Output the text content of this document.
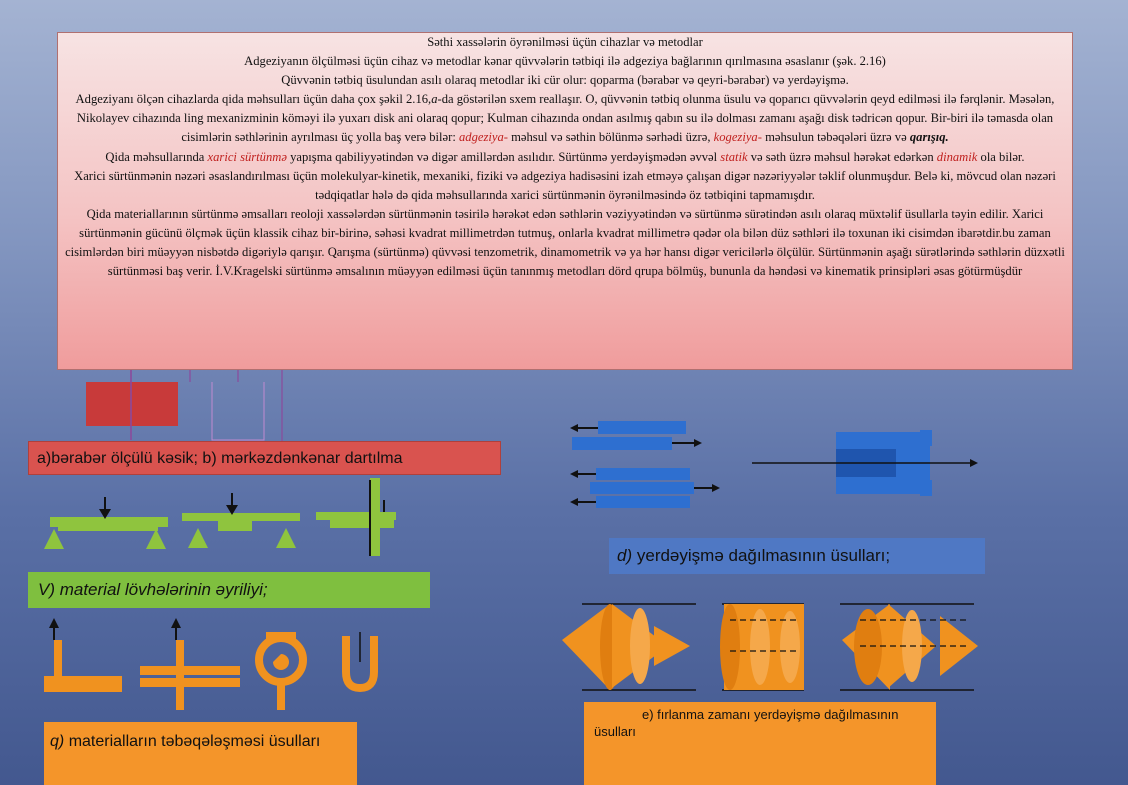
Səthi xassələrin öyrənilməsi üçün cihazlar və metodlar

Adgeziyanın ölçülməsi üçün cihaz və metodlar kənar qüvvələrin tətbiqi ilə adgeziya bağlarının qırılmasına əsaslanır (şək. 2.16)

Qüvvənin tətbiq üsulundan asılı olaraq metodlar iki cür olur: qoparma (bərabər və qeyri-bərabər) və yerdəyişmə.

Adgeziyanı ölçən cihazlarda qida məhsulları üçün daha çox şəkil 2.16,a-da göstərilən sxem reallaşır. O, qüvvənin tətbiq olunma üsulu və qoparıcı qüvvələrin qeyd edilməsi ilə fərqlənir. Məsələn, Nikolayev cihazında ling mexanizminin köməyi ilə yuxarı disk ani olaraq qopur; Kulman cihazında ondan asılmış qabın su ilə dolması zamanı aşağı disk tədricən qopur. Bir-biri ilə təmasda olan cisimlərin səthlərinin ayrılması üç yolla baş verə bilər: adgeziya- məhsul və səthin bölünmə sərhədi üzrə, kogeziya- məhsulun təbəqələri üzrə və qarışıq.

Qida məhsullarında xarici sürtünmə yapışma qabiliyyətindən və digər amillərdən asılıdır. Sürtünmə yerdəyişmədən əvvəl statik və səth üzrə məhsul hərəkət edərkən dinamik ola bilər.

Xarici sürtünmənin nəzəri əsaslandırılması üçün molekulyar-kinetik, mexaniki, fiziki və adgeziya hadisəsini izah etməyə çalışan digər nəzəriyyələr təklif olunmuşdur. Belə ki, mövcud olan nəzəri tədqiqatlar hələ də qida məhsullarında xarici sürtünmənin öyrənilməsində öz tətbiqini tapmamışdır.

Qida materiallarının sürtünmə əmsalları reoloji xassələrdən sürtünmənin təsirilə hərəkət edən səthlərin vəziyyətindən və sürtünmə sürətindən asılı olaraq müxtəlif üsullarla təyin edilir. Xarici sürtünmənin gücünü ölçmək üçün klassik cihaz bir-birinə, səhəsi kvadrat millimetrdən tutmuş, onlarla kvadrat millimetrə qədər ola bilən düz səthləri ilə toxunan iki cisimdən ibarətdir.bu zaman cisimlərdən biri müəyyən nisbətdə digəriylə qarışır. Qarışma (sürtünmə) qüvvəsi tenzometrik, dinamometrik və ya hər hansı digər vericilərlə ölçülür. Sürtünmənin aşağı sürətlərində səthlərin düzxətli sürtünməsi baş verir. İ.V.Kragelski sürtünmə əmsalının müəyyən edilməsi üçün tanınmış metodları dörd qrupa bölmüş, bununla da həndəsi və kinematik prinsipləri əsas götürmüşdür

a)bərabər ölçülü kəsik; b) mərkəzdənkənar dartılma
V) material lövhələrinin əyriliyi;
d) yerdəyişmə dağılmasının üsulları;
q) materialların təbəqələşməsi üsulları
e) fırlanma zamanı yerdəyişmə dağılmasının üsulları
